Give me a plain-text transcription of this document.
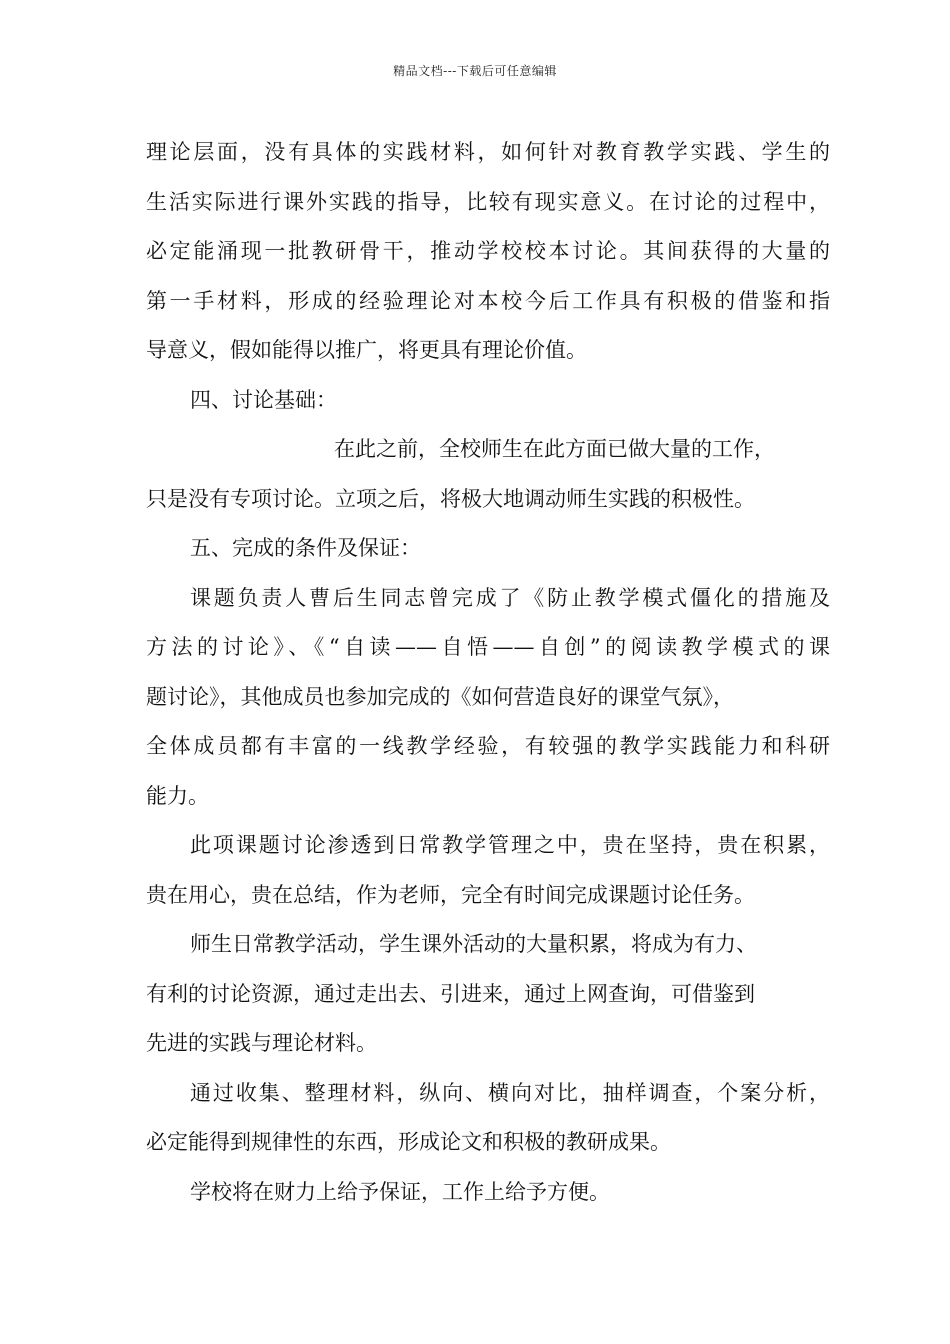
精品文档---下载后可任意编辑
理论层面，没有具体的实践材料，如何针对教育教学实践、学生的
生活实际进行课外实践的指导，比较有现实意义。在讨论的过程中，
必定能涌现一批教研骨干，推动学校校本讨论。其间获得的大量的
第一手材料，形成的经验理论对本校今后工作具有积极的借鉴和指
导意义，假如能得以推广，将更具有理论价值。
四、讨论基础：
在此之前，全校师生在此方面已做大量的工作，
只是没有专项讨论。立项之后，将极大地调动师生实践的积极性。
五、完成的条件及保证：
课题负责人曹后生同志曾完成了《防止教学模式僵化的措施及
方法的讨论》、《“自读——自悟——自创”的阅读教学模式的课
题讨论》，其他成员也参加完成的《如何营造良好的课堂气氛》，
全体成员都有丰富的一线教学经验，有较强的教学实践能力和科研
能力。
此项课题讨论渗透到日常教学管理之中，贵在坚持，贵在积累，
贵在用心，贵在总结，作为老师，完全有时间完成课题讨论任务。
师生日常教学活动，学生课外活动的大量积累，将成为有力、
有利的讨论资源，通过走出去、引进来，通过上网查询，可借鉴到
先进的实践与理论材料。
通过收集、整理材料，纵向、横向对比，抽样调查，个案分析，
必定能得到规律性的东西，形成论文和积极的教研成果。
学校将在财力上给予保证，工作上给予方便。
